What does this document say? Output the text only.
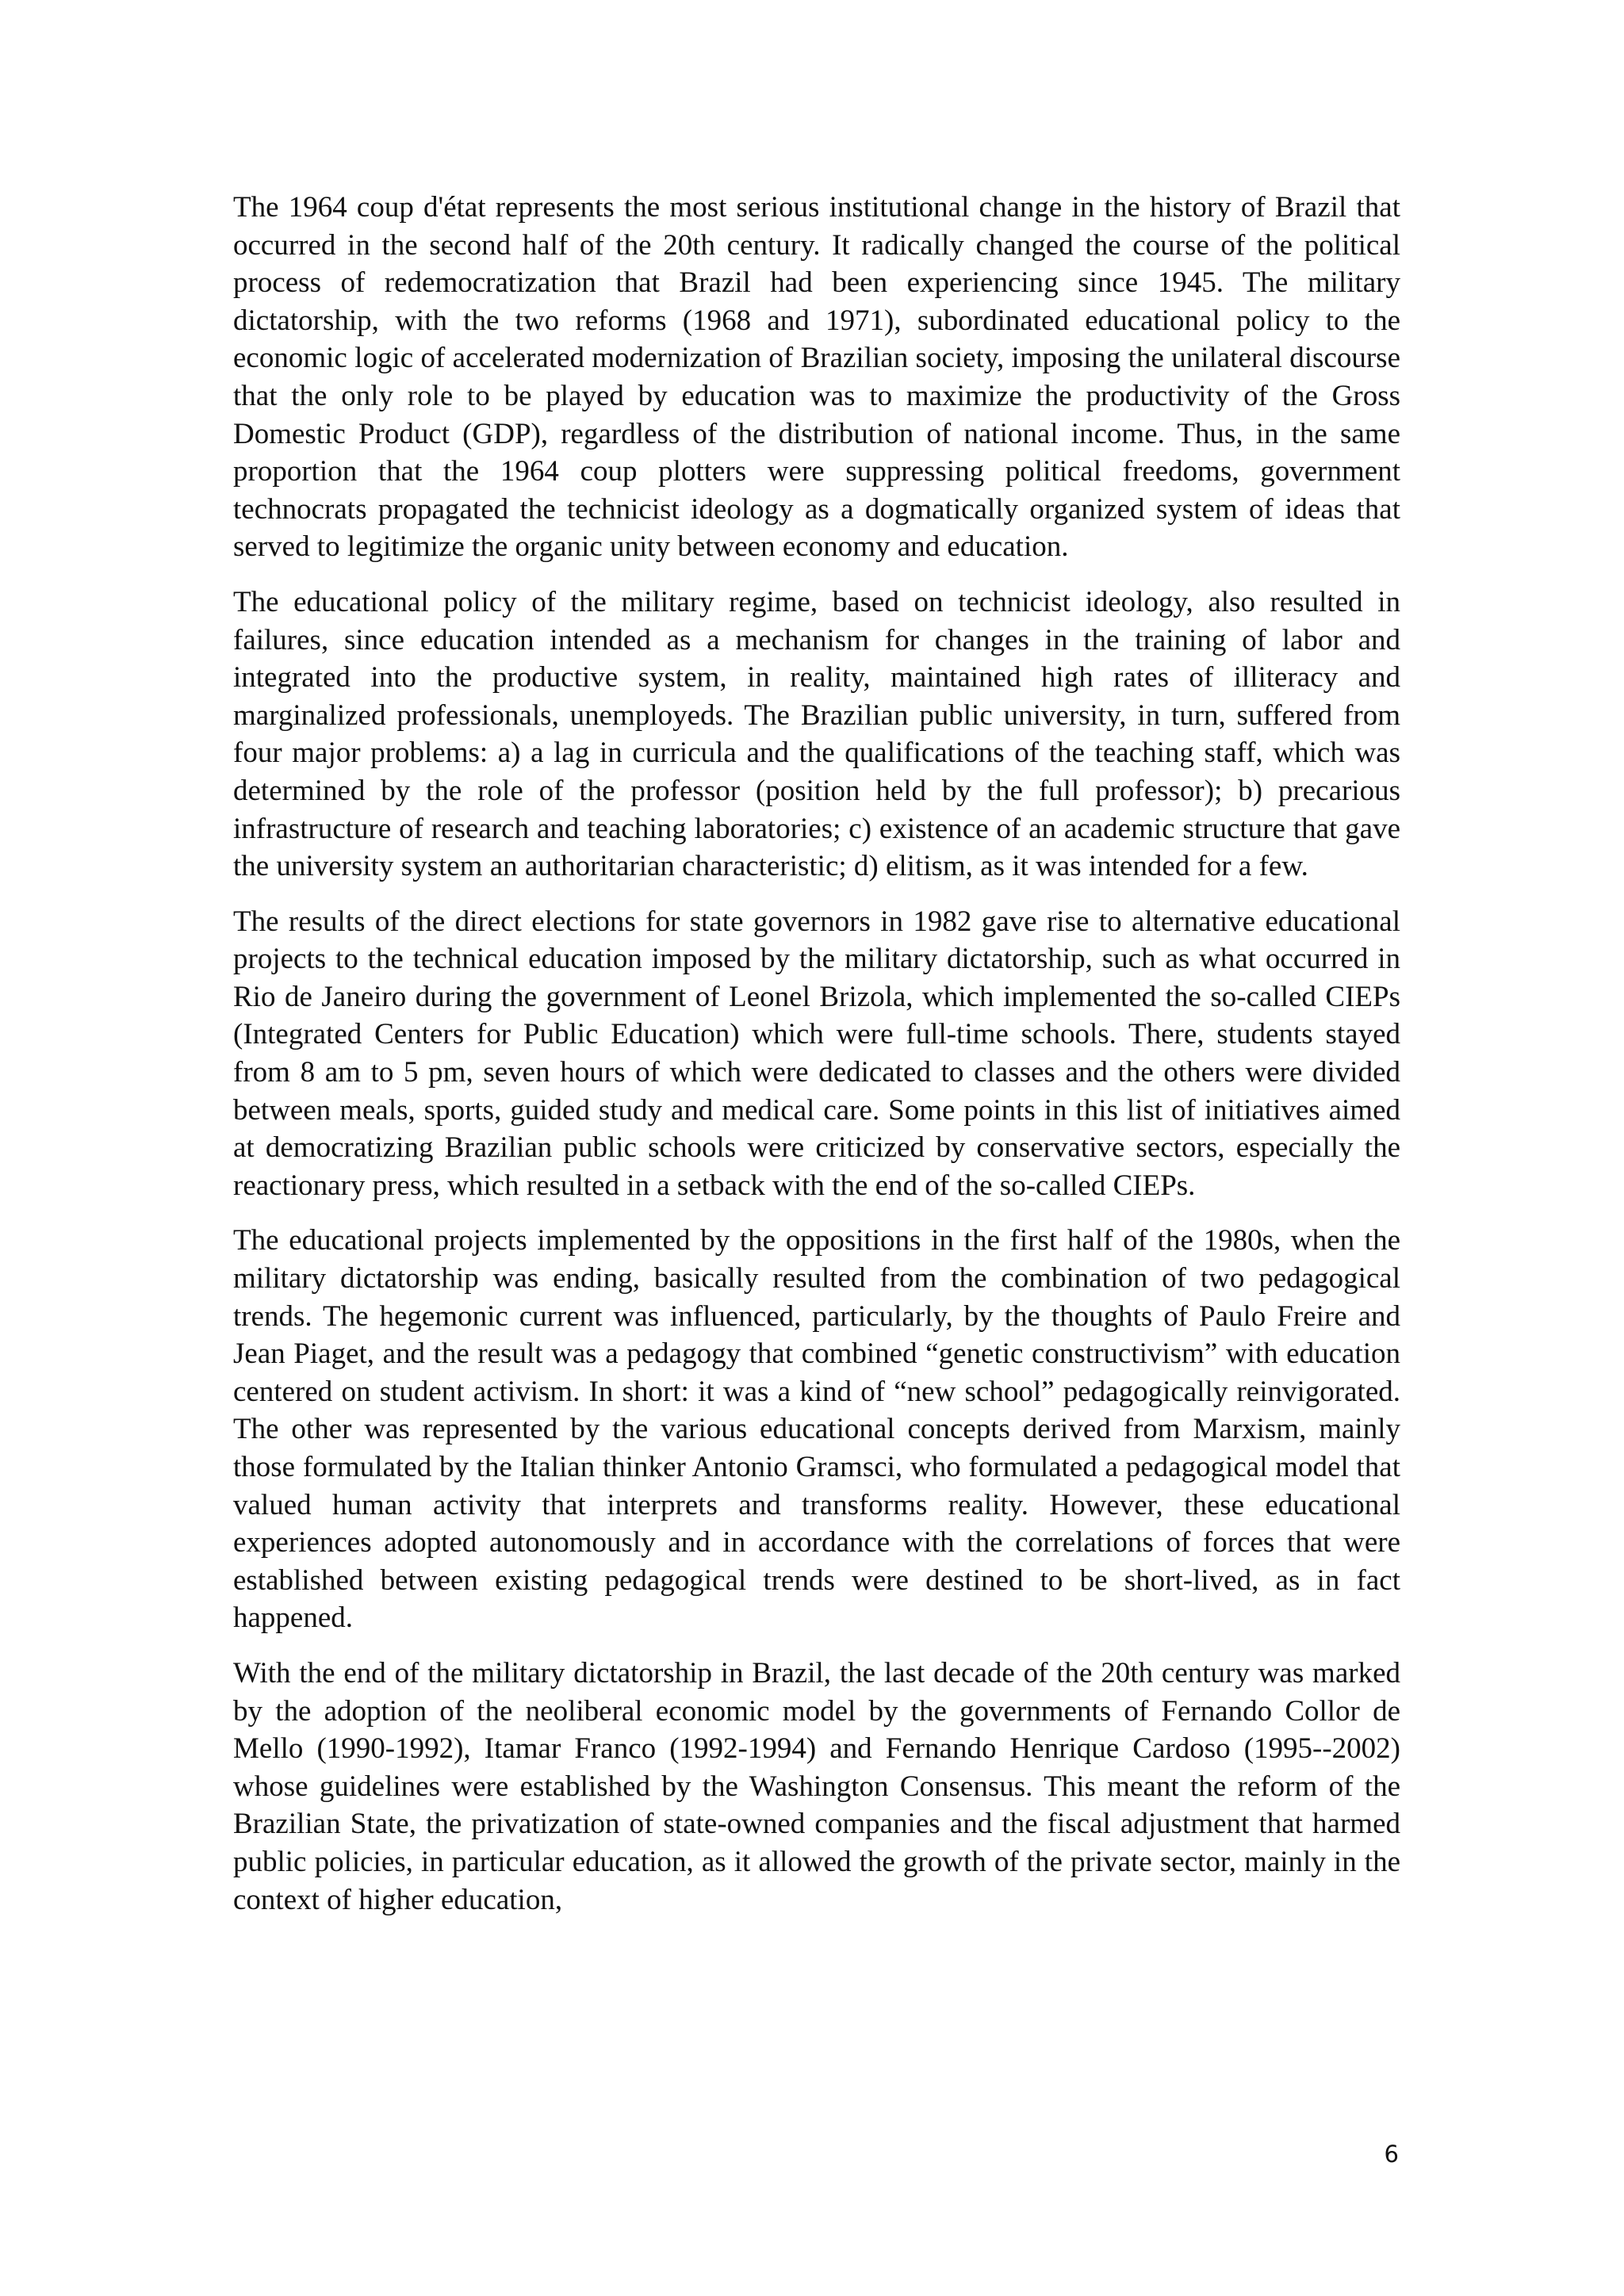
The 1964 coup d'état represents the most serious institutional change in the history of Brazil that occurred in the second half of the 20th century. It radically changed the course of the political process of redemocratization that Brazil had been experiencing since 1945. The military dictatorship, with the two reforms (1968 and 1971), subordinated educational policy to the economic logic of accelerated modernization of Brazilian society, imposing the unilateral discourse that the only role to be played by education was to maximize the productivity of the Gross Domestic Product (GDP), regardless of the distribution of national income. Thus, in the same proportion that the 1964 coup plotters were suppressing political freedoms, government technocrats propagated the technicist ideology as a dogmatically organized system of ideas that served to legitimize the organic unity between economy and education.

The educational policy of the military regime, based on technicist ideology, also resulted in failures, since education intended as a mechanism for changes in the training of labor and integrated into the productive system, in reality, maintained high rates of illiteracy and marginalized professionals, unemployeds. The Brazilian public university, in turn, suffered from four major problems: a) a lag in curricula and the qualifications of the teaching staff, which was determined by the role of the professor (position held by the full professor); b) precarious infrastructure of research and teaching laboratories; c) existence of an academic structure that gave the university system an authoritarian characteristic; d) elitism, as it was intended for a few.

The results of the direct elections for state governors in 1982 gave rise to alternative educational projects to the technical education imposed by the military dictatorship, such as what occurred in Rio de Janeiro during the government of Leonel Brizola, which implemented the so-called CIEPs (Integrated Centers for Public Education) which were full-time schools. There, students stayed from 8 am to 5 pm, seven hours of which were dedicated to classes and the others were divided between meals, sports, guided study and medical care. Some points in this list of initiatives aimed at democratizing Brazilian public schools were criticized by conservative sectors, especially the reactionary press, which resulted in a setback with the end of the so-called CIEPs.

The educational projects implemented by the oppositions in the first half of the 1980s, when the military dictatorship was ending, basically resulted from the combination of two pedagogical trends. The hegemonic current was influenced, particularly, by the thoughts of Paulo Freire and Jean Piaget, and the result was a pedagogy that combined “genetic constructivism” with education centered on student activism. In short: it was a kind of “new school” pedagogically reinvigorated. The other was represented by the various educational concepts derived from Marxism, mainly those formulated by the Italian thinker Antonio Gramsci, who formulated a pedagogical model that valued human activity that interprets and transforms reality. However, these educational experiences adopted autonomously and in accordance with the correlations of forces that were established between existing pedagogical trends were destined to be short-lived, as in fact happened.

With the end of the military dictatorship in Brazil, the last decade of the 20th century was marked by the adoption of the neoliberal economic model by the governments of Fernando Collor de Mello (1990-1992), Itamar Franco (1992-1994) and Fernando Henrique Cardoso (1995--2002) whose guidelines were established by the Washington Consensus. This meant the reform of the Brazilian State, the privatization of state-owned companies and the fiscal adjustment that harmed public policies, in particular education, as it allowed the growth of the private sector, mainly in the context of higher education,

6
